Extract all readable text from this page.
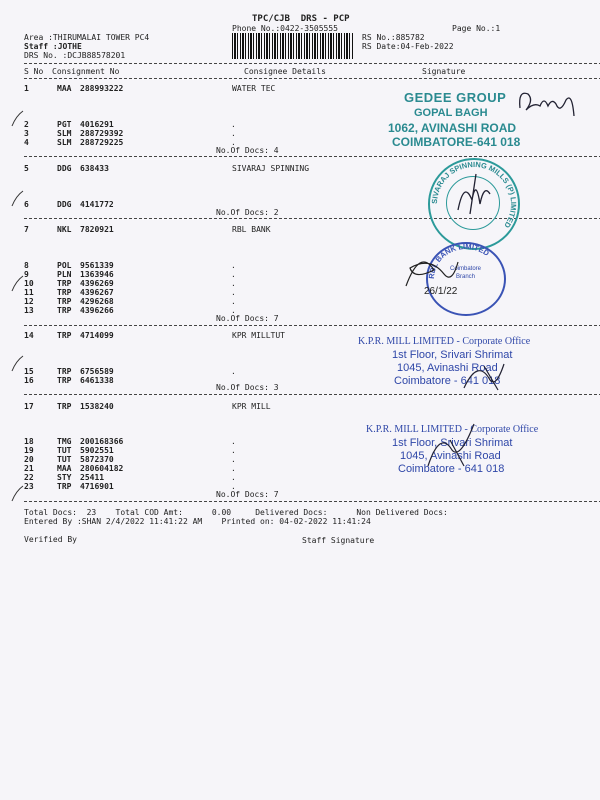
TPC/CJB  DRS - PCP
Phone No.:0422-3505555	Page No.:1
Area :THIRUMALAI TOWER PC4
Staff :JOTHE
DRS No. :DCJB88578201
RS No.:885782
RS Date:04-Feb-2022
S No Consignment No	Consignee Details	Signature
1	MAA 288993222	WATER TEC
2	PGT 4016291
3	SLM 288729392
4	SLM 288729225
.
.
.
No.Of Docs: 4
5	DDG 638433	SIVARAJ SPINNING
6	DDG 4141772
No.Of Docs: 2
7	NKL 7820921	RBL BANK
8	POL 9561339
9	PLN 1363946
10	TRP 4396269
11	TRP 4396267
12	TRP 4296268
13	TRP 4396266
.
.
.
.
.
.
No.Of Docs: 7
14	TRP 4714099	KPR MILLTUT
15	TRP 6756589
16	TRP 6461338
.
No.Of Docs: 3
17	TRP 1538240	KPR MILL
18	TMG 200168366
19	TUT 5902551
20	TUT 5872370
21	MAA 280604182
22	STY 25411
23	TRP 4716901
.
.
.
.
.
.
No.Of Docs: 7
Total Docs:  23    Total COD Amt:      0.00     Delivered Docs:      Non Delivered Docs:
Entered By :SHAN 2/4/2022 11:41:22 AM    Printed on: 04-02-2022 11:41:24
Verified By	Staff Signature
GEDEE GROUP
GOPAL BAGH
1062, AVINASHI ROAD
COIMBATORE-641 018
SIVARAJ SPINNING MILLS (P) LIMITED
RBL BANK LIMITED
Coimbatore
Branch
26/1/22
K.P.R. MILL LIMITED - Corporate Office
1st Floor, Srivari Shrimat
1045, Avinashi Road
Coimbatore - 641 018
K.P.R. MILL LIMITED - Corporate Office
1st Floor, Srivari Shrimat
1045, Avinashi Road
Coimbatore - 641 018
